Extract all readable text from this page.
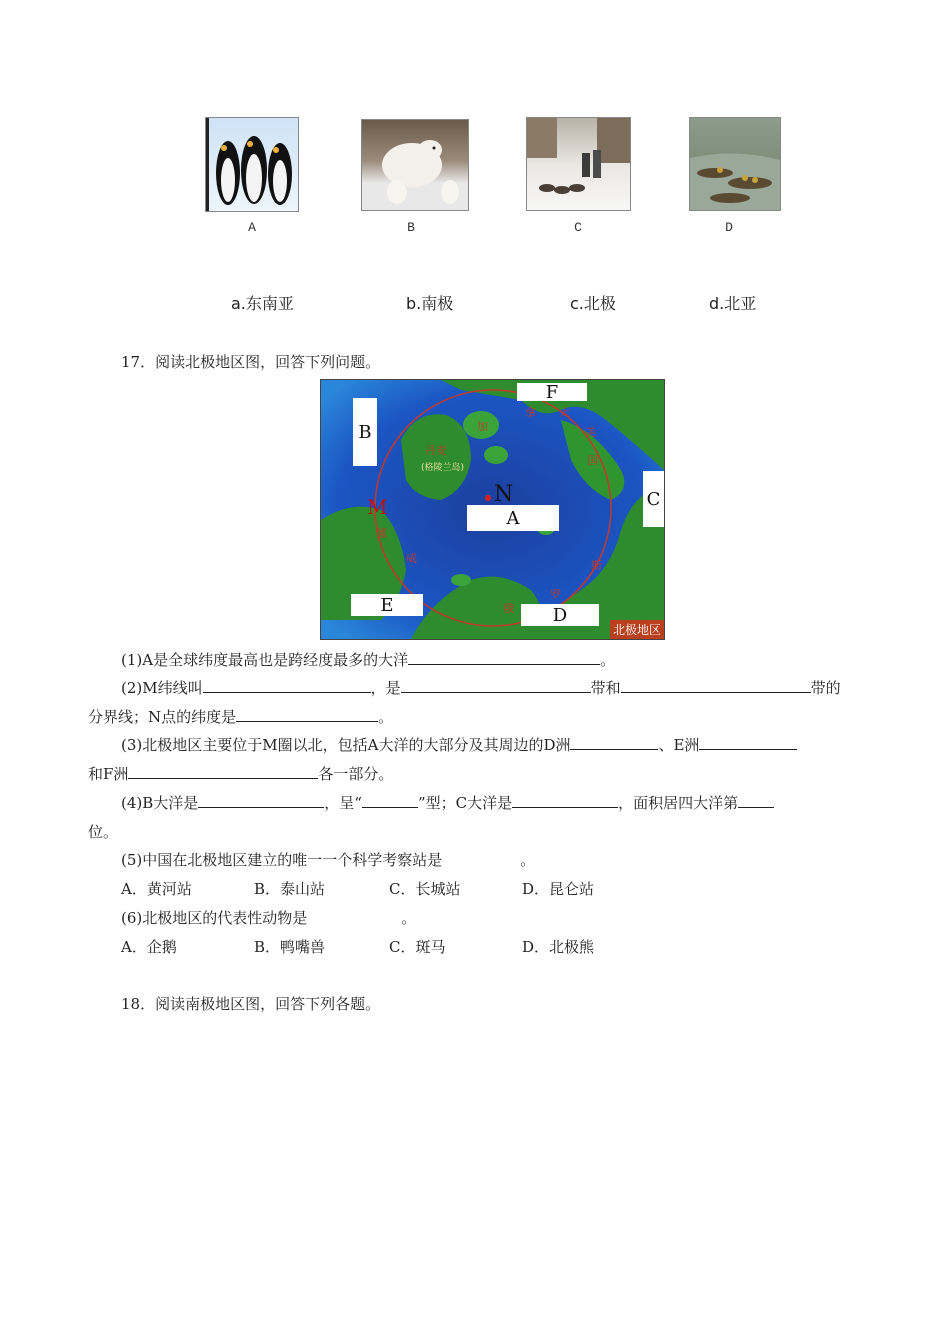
A	B	C	D
a.东南亚	b.南极	c.北极	d.北亚
17．阅读北极地区图，回答下列问题。
B
F
C
A
E	D
M	N
加
拿 大
美
国
俄
罗
斯
挪
威
丹麦
(格陵兰岛)
北极地区
(1)A是全球纬度最高也是跨经度最多的大洋	。
(2)M纬线叫	，是	带和	带的
分界线；N点的纬度是	。
(3)北极地区主要位于M圈以北，包括A大洋的大部分及其周边的D洲	、E洲
和F洲	各一部分。
(4)B大洋是	，呈“	”型；C大洋是	，面积居四大洋第
位。
(5)中国在北极地区建立的唯一一个科学考察站是	。
A．黄河站	B．泰山站	C．长城站	D．昆仑站
(6)北极地区的代表性动物是	。
A．企鹅	B．鸭嘴兽	C．斑马	D．北极熊
18．阅读南极地区图，回答下列各题。
